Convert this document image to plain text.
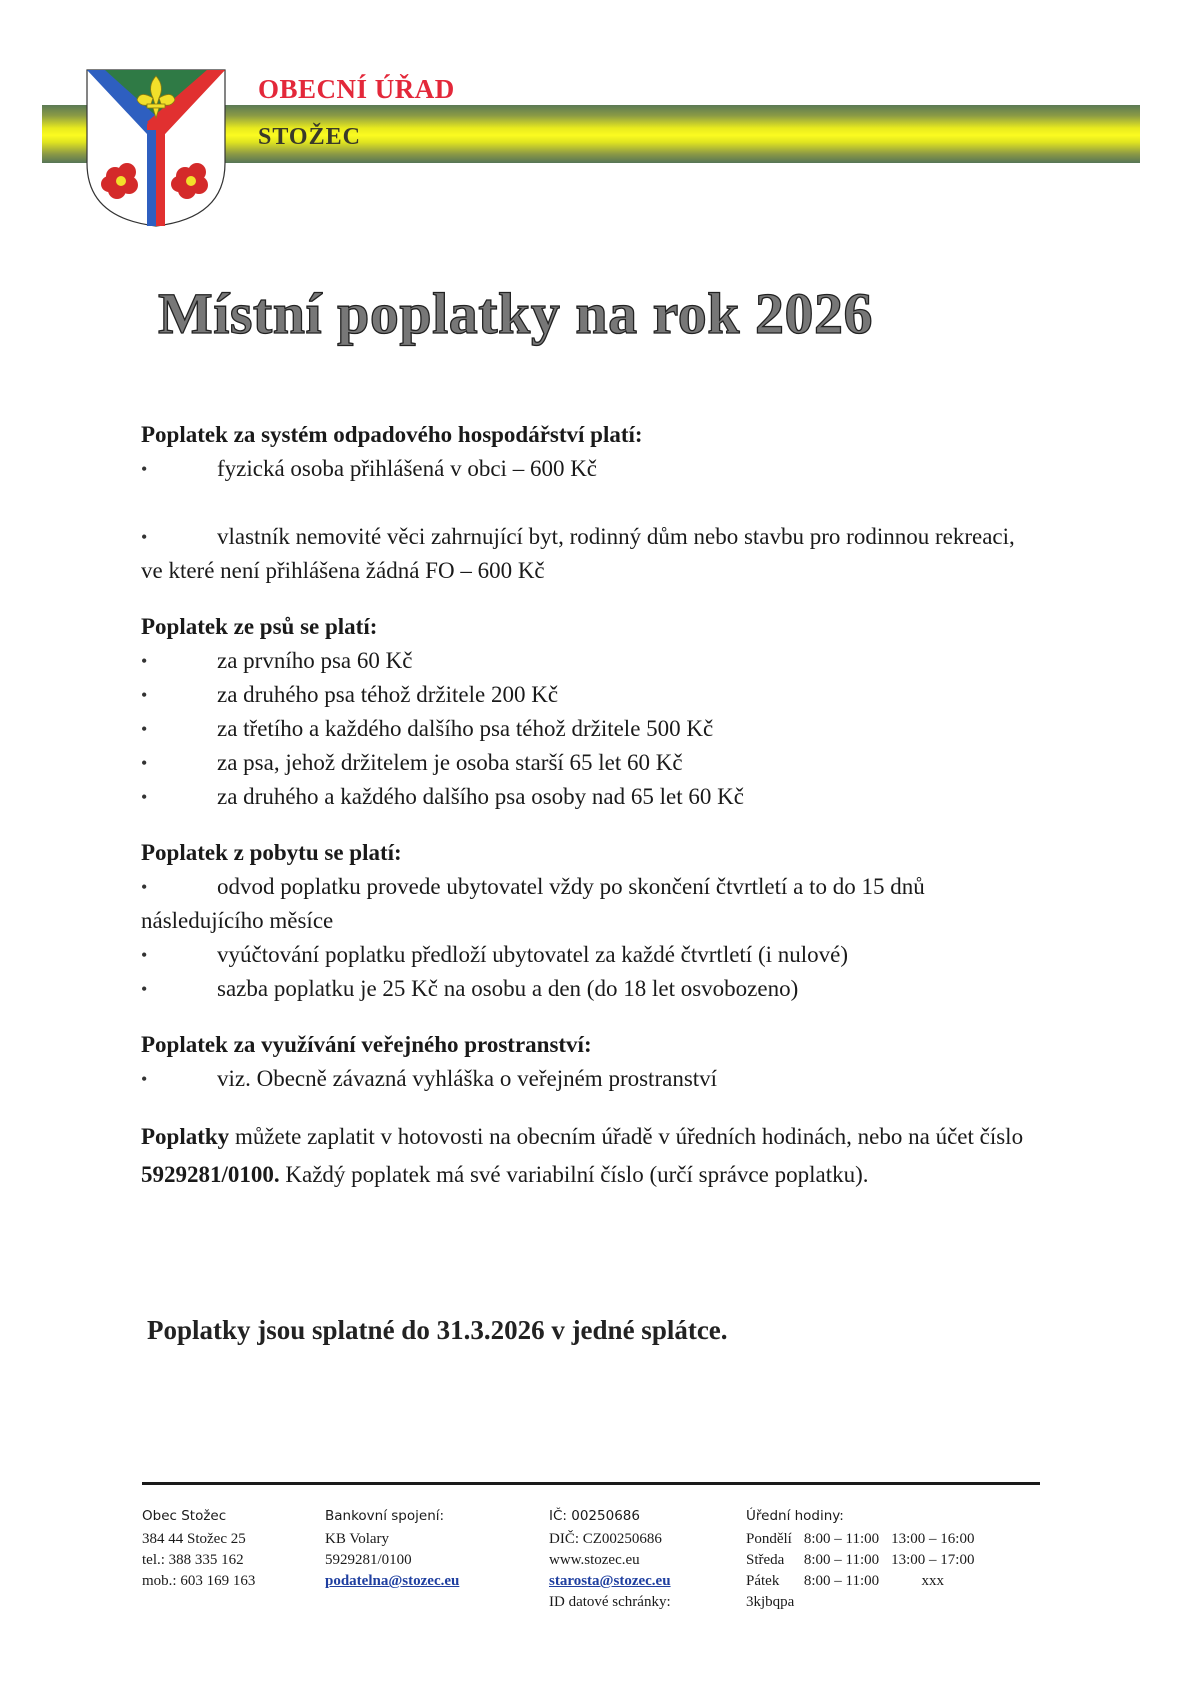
OBECNÍ ÚŘAD
STOŽEC
Místní poplatky na rok 2026
Poplatek za systém odpadového hospodářství platí:
• fyzická osoba přihlášená v obci – 600 Kč
• vlastník nemovité věci zahrnující byt, rodinný dům nebo stavbu pro rodinnou rekreaci, ve které není přihlášena žádná FO – 600 Kč
Poplatek ze psů se platí:
• za prvního psa 60 Kč
• za druhého psa téhož držitele 200 Kč
• za třetího a každého dalšího psa téhož držitele 500 Kč
• za psa, jehož držitelem je osoba starší 65 let 60 Kč
• za druhého a každého dalšího psa osoby nad 65 let 60 Kč
Poplatek z pobytu se platí:
• odvod poplatku provede ubytovatel vždy po skončení čtvrtletí a to do 15 dnů následujícího měsíce
• vyúčtování poplatku předloží ubytovatel za každé čtvrtletí (i nulové)
• sazba poplatku je 25 Kč na osobu a den (do 18 let osvobozeno)
Poplatek za využívání veřejného prostranství:
• viz. Obecně závazná vyhláška o veřejném prostranství
Poplatky můžete zaplatit v hotovosti na obecním úřadě v úředních hodinách, nebo na účet číslo 5929281/0100. Každý poplatek má své variabilní číslo (určí správce poplatku).
Poplatky jsou splatné do 31.3.2026 v jedné splátce.
Obec Stožec
384 44 Stožec 25
tel.: 388 335 162
mob.: 603 169 163
Bankovní spojení:
KB Volary
5929281/0100
podatelna@stozec.eu
IČ: 00250686
DIČ: CZ00250686
www.stozec.eu
starosta@stozec.eu
ID datové schránky:
Úřední hodiny:
Pondělí	8:00 – 11:00	13:00 – 16:00
Středa	8:00 – 11:00	13:00 – 17:00
Pátek	8:00 – 11:00	xxx
3kjbqpa
